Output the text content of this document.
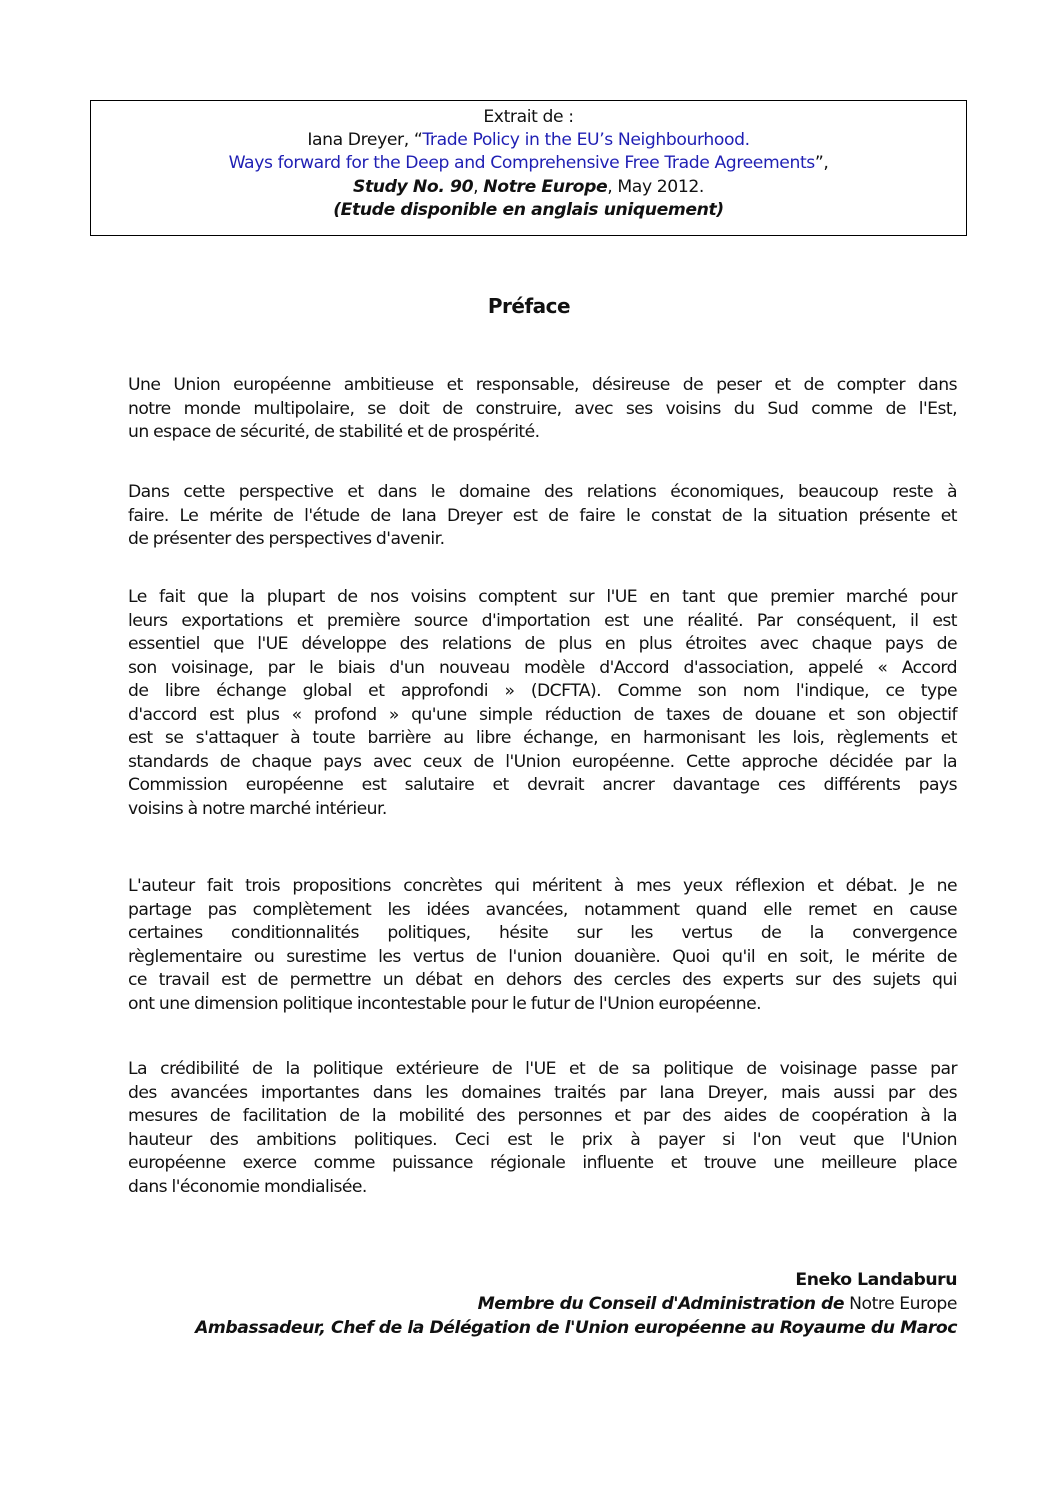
Extrait de :
Iana Dreyer, “Trade Policy in the EU’s Neighbourhood.
Ways forward for the Deep and Comprehensive Free Trade Agreements”,
Study No. 90, Notre Europe, May 2012.
(Etude disponible en anglais uniquement)
Préface
Une Union européenne ambitieuse et responsable, désireuse de peser et de compter dans
notre monde multipolaire, se doit de construire, avec ses voisins du Sud comme de l'Est,
un espace de sécurité, de stabilité et de prospérité.
Dans cette perspective et dans le domaine des relations économiques, beaucoup reste à
faire. Le mérite de l'étude de Iana Dreyer est de faire le constat de la situation présente et
de présenter des perspectives d'avenir.
Le fait que la plupart de nos voisins comptent sur l'UE en tant que premier marché pour
leurs exportations et première source d'importation est une réalité. Par conséquent, il est
essentiel que l'UE développe des relations de plus en plus étroites avec chaque pays de
son voisinage, par le biais d'un nouveau modèle d'Accord d'association, appelé « Accord
de libre échange global et approfondi » (DCFTA). Comme son nom l'indique, ce type
d'accord est plus « profond » qu'une simple réduction de taxes de douane et son objectif
est se s'attaquer à toute barrière au libre échange, en harmonisant les lois, règlements et
standards de chaque pays avec ceux de l'Union européenne. Cette approche décidée par la
Commission européenne est salutaire et devrait ancrer davantage ces différents pays
voisins à notre marché intérieur.
L'auteur fait trois propositions concrètes qui méritent à mes yeux réflexion et débat. Je ne
partage pas complètement les idées avancées, notamment quand elle remet en cause
certaines conditionnalités politiques, hésite sur les vertus de la convergence
règlementaire ou surestime les vertus de l'union douanière. Quoi qu'il en soit, le mérite de
ce travail est de permettre un débat en dehors des cercles des experts sur des sujets qui
ont une dimension politique incontestable pour le futur de l'Union européenne.
La crédibilité de la politique extérieure de l'UE et de sa politique de voisinage passe par
des avancées importantes dans les domaines traités par Iana Dreyer, mais aussi par des
mesures de facilitation de la mobilité des personnes et par des aides de coopération à la
hauteur des ambitions politiques. Ceci est le prix à payer si l'on veut que l'Union
européenne exerce comme puissance régionale influente et trouve une meilleure place
dans l'économie mondialisée.
Eneko Landaburu
Membre du Conseil d'Administration de Notre Europe
Ambassadeur, Chef de la Délégation de l'Union européenne au Royaume du Maroc
